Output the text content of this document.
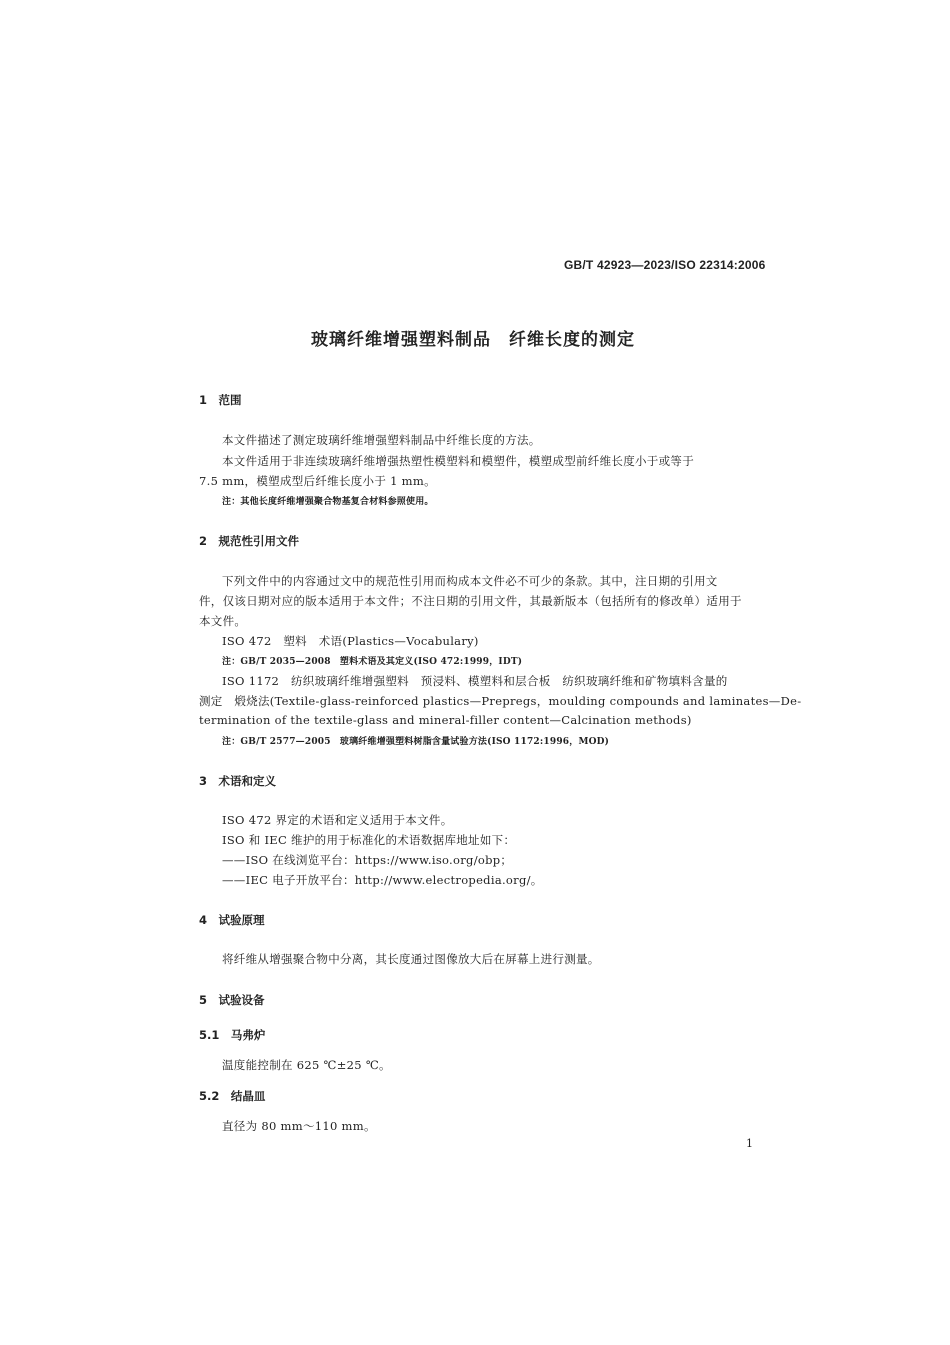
GB/T 42923—2023/ISO 22314:2006
玻璃纤维增强塑料制品　纤维长度的测定
1　范围
本文件描述了测定玻璃纤维增强塑料制品中纤维长度的方法。
本文件适用于非连续玻璃纤维增强热塑性模塑料和模塑件，模塑成型前纤维长度小于或等于
7.5 mm，模塑成型后纤维长度小于 1 mm。
注：其他长度纤维增强聚合物基复合材料参照使用。
2　规范性引用文件
下列文件中的内容通过文中的规范性引用而构成本文件必不可少的条款。其中，注日期的引用文
件，仅该日期对应的版本适用于本文件；不注日期的引用文件，其最新版本（包括所有的修改单）适用于
本文件。
ISO 472　塑料　术语(Plastics—Vocabulary)
注：GB/T 2035—2008　塑料术语及其定义(ISO 472:1999，IDT)
ISO 1172　纺织玻璃纤维增强塑料　预浸料、模塑料和层合板　纺织玻璃纤维和矿物填料含量的
测定　煅烧法(Textile-glass-reinforced plastics—Prepregs，moulding compounds and laminates—De-
termination of the textile-glass and mineral-filler content—Calcination methods)
注：GB/T 2577—2005　玻璃纤维增强塑料树脂含量试验方法(ISO 1172:1996，MOD)
3　术语和定义
ISO 472 界定的术语和定义适用于本文件。
ISO 和 IEC 维护的用于标准化的术语数据库地址如下：
——ISO 在线浏览平台：https://www.iso.org/obp；
——IEC 电子开放平台：http://www.electropedia.org/。
4　试验原理
将纤维从增强聚合物中分离，其长度通过图像放大后在屏幕上进行测量。
5　试验设备
5.1　马弗炉
温度能控制在 625 ℃±25 ℃。
5.2　结晶皿
直径为 80 mm～110 mm。
1
